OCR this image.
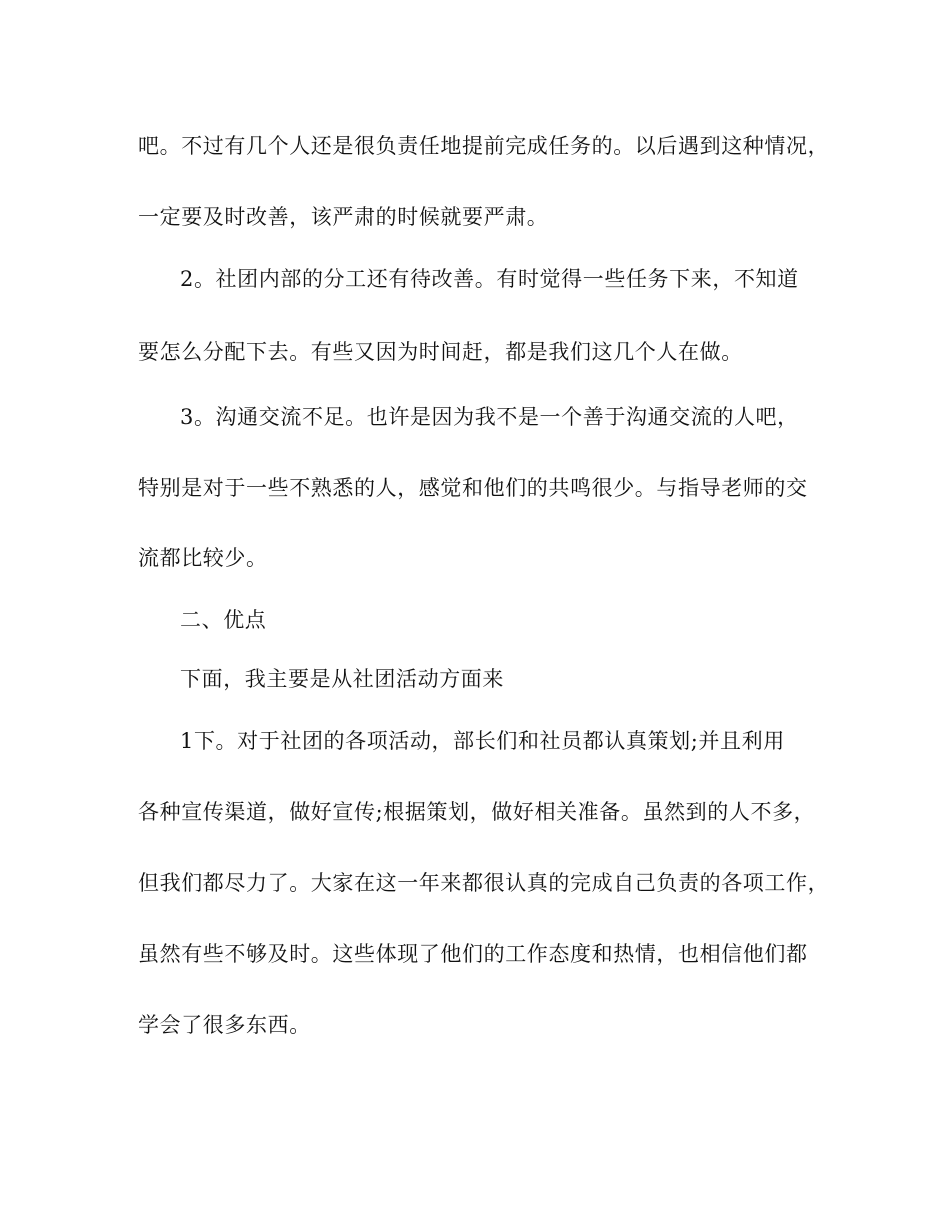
吧。不过有几个人还是很负责任地提前完成任务的。以后遇到这种情况，
一定要及时改善，该严肃的时候就要严肃。
2。社团内部的分工还有待改善。有时觉得一些任务下来，不知道
要怎么分配下去。有些又因为时间赶，都是我们这几个人在做。
3。沟通交流不足。也许是因为我不是一个善于沟通交流的人吧，
特别是对于一些不熟悉的人，感觉和他们的共鸣很少。与指导老师的交
流都比较少。
二、优点
下面，我主要是从社团活动方面来
1下。对于社团的各项活动，部长们和社员都认真策划;并且利用
各种宣传渠道，做好宣传;根据策划，做好相关准备。虽然到的人不多，
但我们都尽力了。大家在这一年来都很认真的完成自己负责的各项工作，
虽然有些不够及时。这些体现了他们的工作态度和热情，也相信他们都
学会了很多东西。
